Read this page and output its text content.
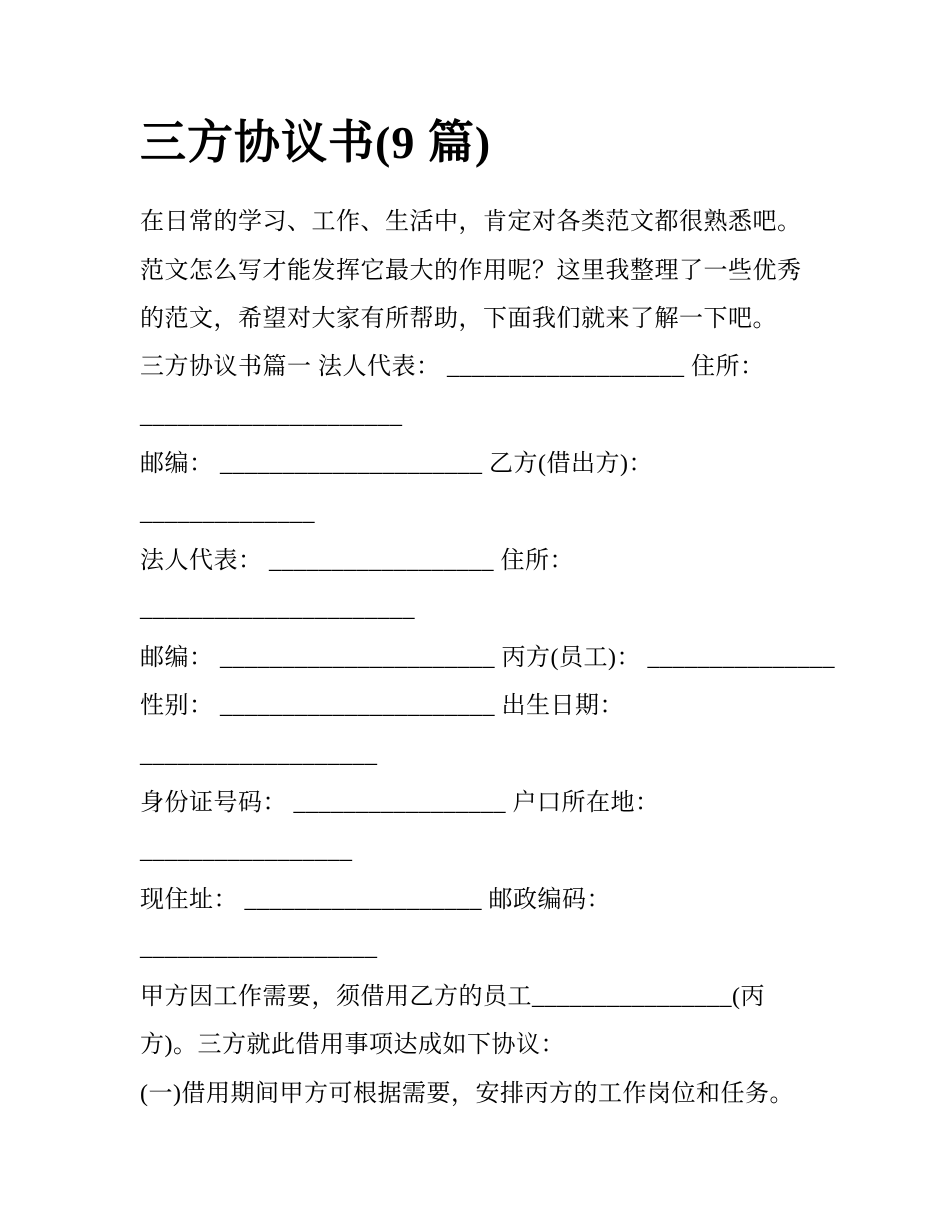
三方协议书(9 篇)
在日常的学习、工作、生活中，肯定对各类范文都很熟悉吧。
范文怎么写才能发挥它最大的作用呢？这里我整理了一些优秀
的范文，希望对大家有所帮助，下面我们就来了解一下吧。
三方协议书篇一 法人代表： ___________________ 住所：
_____________________
邮编： _____________________ 乙方(借出方)：
______________
法人代表： __________________ 住所：
______________________
邮编： ______________________ 丙方(员工)： _______________
性别： ______________________ 出生日期：
___________________
身份证号码： _________________ 户口所在地：
_________________
现住址： ___________________ 邮政编码：
___________________
甲方因工作需要，须借用乙方的员工________________(丙
方)。三方就此借用事项达成如下协议：
(一)借用期间甲方可根据需要，安排丙方的工作岗位和任务。
